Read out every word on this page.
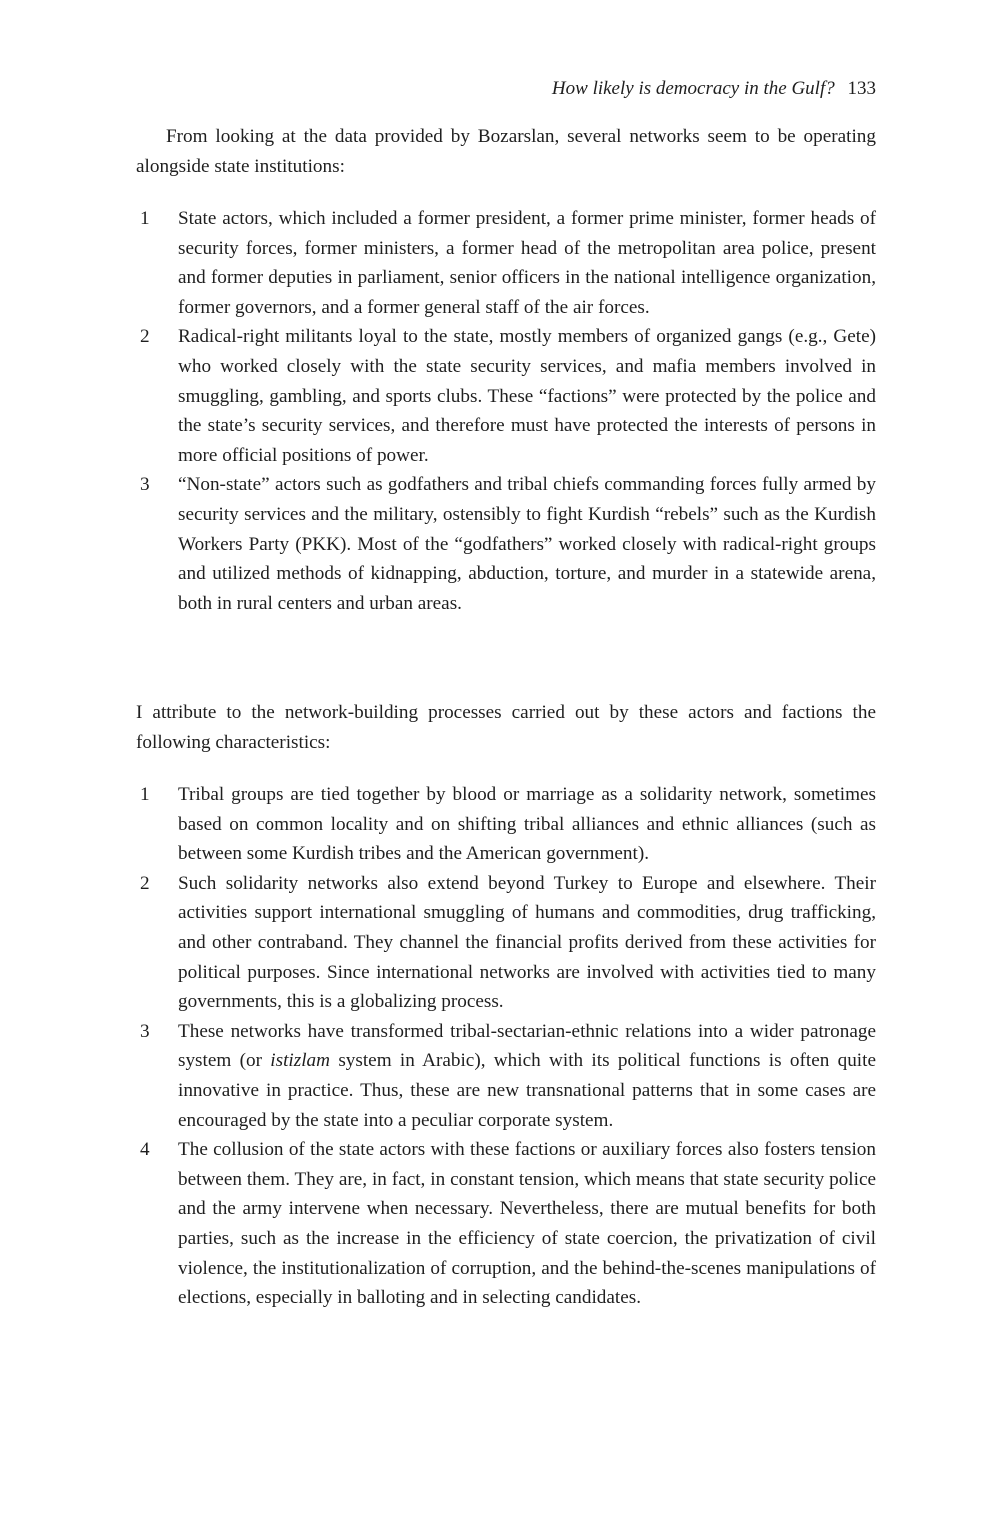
How likely is democracy in the Gulf? 133

From looking at the data provided by Bozarslan, several networks seem to be operating alongside state institutions:

1 State actors, which included a former president, a former prime minister, former heads of security forces, former ministers, a former head of the metropolitan area police, present and former deputies in parliament, senior officers in the national intelligence organization, former governors, and a former general staff of the air forces.
2 Radical-right militants loyal to the state, mostly members of organized gangs (e.g., Gete) who worked closely with the state security services, and mafia members involved in smuggling, gambling, and sports clubs. These “factions” were protected by the police and the state’s security services, and therefore must have protected the interests of persons in more official positions of power.
3 “Non-state” actors such as godfathers and tribal chiefs commanding forces fully armed by security services and the military, ostensibly to fight Kurdish “rebels” such as the Kurdish Workers Party (PKK). Most of the “godfathers” worked closely with radical-right groups and utilized methods of kidnapping, abduction, torture, and murder in a statewide arena, both in rural centers and urban areas.

I attribute to the network-building processes carried out by these actors and factions the following characteristics:

1 Tribal groups are tied together by blood or marriage as a solidarity network, sometimes based on common locality and on shifting tribal alliances and ethnic alliances (such as between some Kurdish tribes and the American government).
2 Such solidarity networks also extend beyond Turkey to Europe and elsewhere. Their activities support international smuggling of humans and commodities, drug trafficking, and other contraband. They channel the financial profits derived from these activities for political purposes. Since international networks are involved with activities tied to many governments, this is a globalizing process.
3 These networks have transformed tribal-sectarian-ethnic relations into a wider patronage system (or istizlam system in Arabic), which with its political functions is often quite innovative in practice. Thus, these are new transnational patterns that in some cases are encouraged by the state into a peculiar corporate system.
4 The collusion of the state actors with these factions or auxiliary forces also fosters tension between them. They are, in fact, in constant tension, which means that state security police and the army intervene when necessary. Nevertheless, there are mutual benefits for both parties, such as the increase in the efficiency of state coercion, the privatization of civil violence, the institutionalization of corruption, and the behind-the-scenes manipulations of elections, especially in balloting and in selecting candidates.
